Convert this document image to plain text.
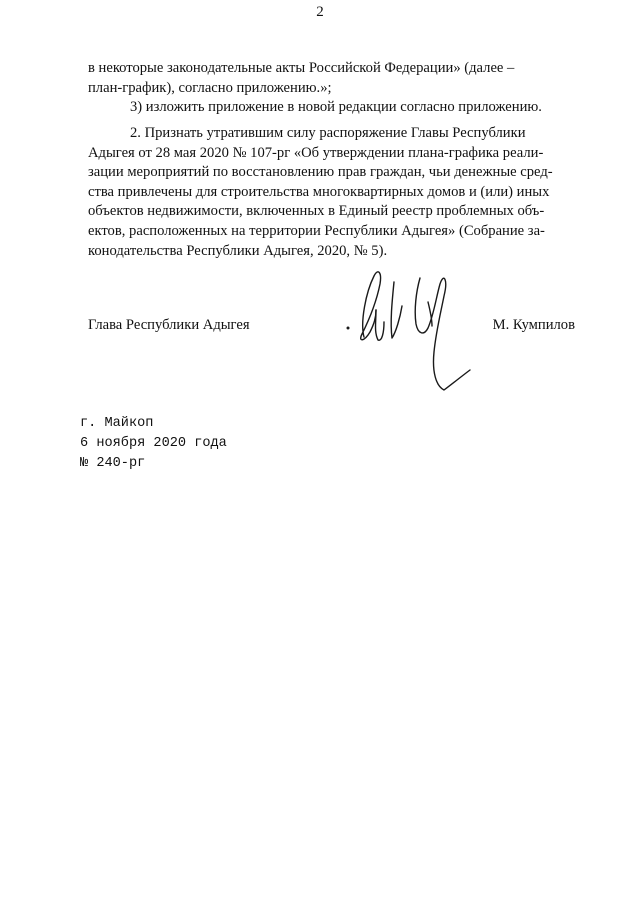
2

в некоторые законодательные акты Российской Федерации» (далее –

план-график), согласно приложению.»;

3) изложить приложение в новой редакции согласно приложению.

2. Признать утратившим силу распоряжение Главы Республики

Адыгея от 28 мая 2020 № 107-рг «Об утверждении плана-графика реали-

зации мероприятий по восстановлению прав граждан, чьи денежные сред-

ства привлечены для строительства многоквартирных домов и (или) иных

объектов недвижимости, включенных в Единый реестр проблемных объ-

ектов, расположенных на территории Республики Адыгея» (Собрание за-

конодательства Республики Адыгея, 2020, № 5).

Глава Республики Адыгея	М. Кумпилов
г. Майкоп
6 ноября 2020 года
№ 240-рг
